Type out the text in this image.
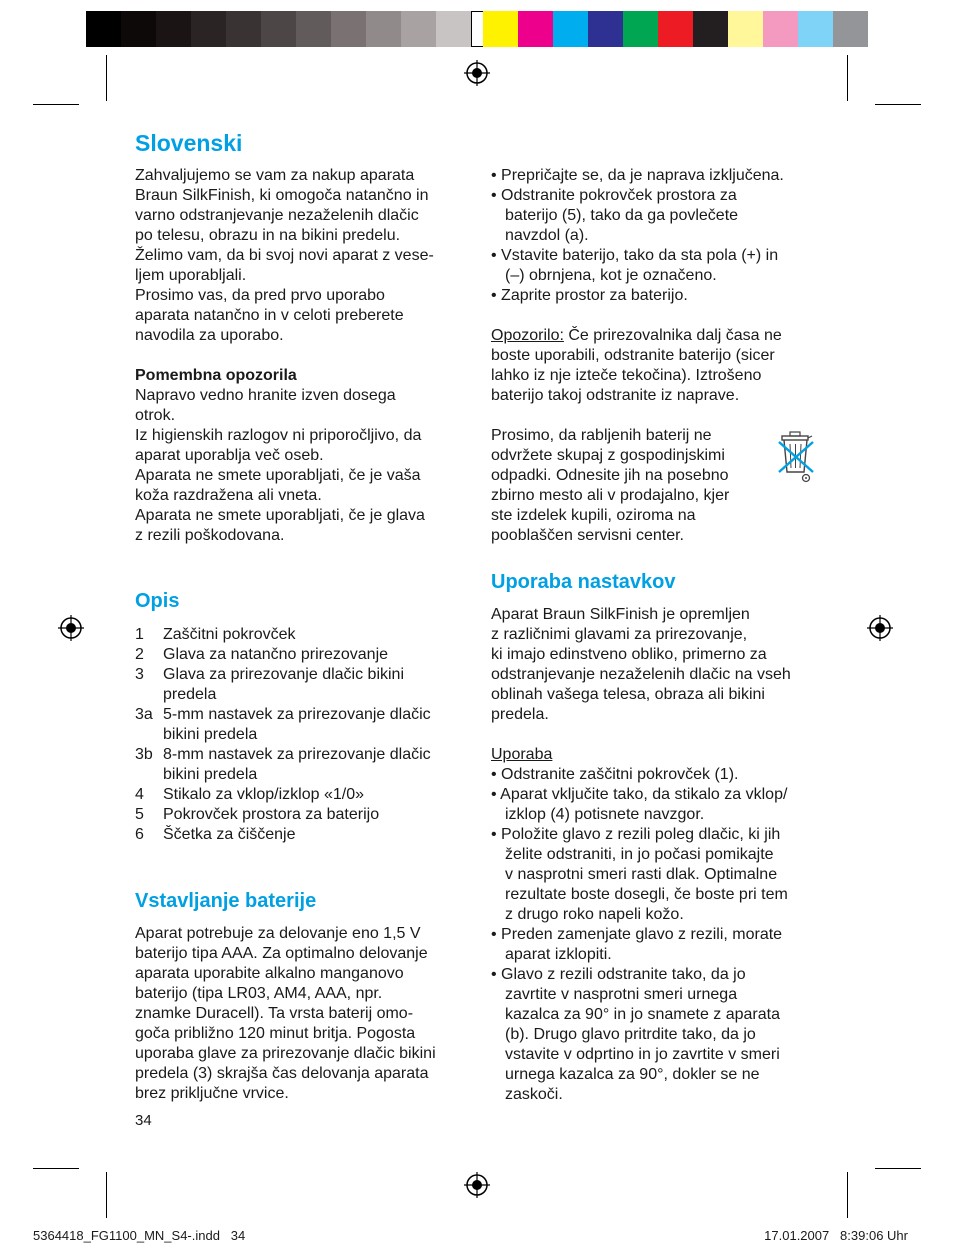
Slovenski

Zahvaljujemo se vam za nakup aparata

Braun SilkFinish, ki omogoča natančno in

varno odstranjevanje nezaželenih dlačic

po telesu, obrazu in na bikini predelu.

Želimo vam, da bi svoj novi aparat z vese-

ljem uporabljali.

Prosimo vas, da pred prvo uporabo

aparata natančno in v celoti preberete

navodila za uporabo.

Pomembna opozorila

Napravo vedno hranite izven dosega

otrok.

Iz higienskih razlogov ni priporočljivo, da

aparat uporablja več oseb.

Aparata ne smete uporabljati, če je vaša

koža razdražena ali vneta.

Aparata ne smete uporabljati, če je glava

z rezili poškodovana.

Opis
1	Zaščitni pokrovček
2	Glava za natančno prirezovanje
3	Glava za prirezovanje dlačic bikini
predela
3a 5-mm nastavek za prirezovanje dlačic
bikini predela
3b 8-mm nastavek za prirezovanje dlačic
bikini predela
4	Stikalo za vklop/izklop «1/0»
5	Pokrovček prostora za baterijo
6	Ščetka za čiščenje
Vstavljanje baterije

Aparat potrebuje za delovanje eno 1,5 V

baterijo tipa AAA. Za optimalno delovanje

aparata uporabite alkalno manganovo

baterijo (tipa LR03, AM4, AAA, npr.

znamke Duracell). Ta vrsta baterij omo-

goča približno 120 minut britja. Pogosta

uporaba glave za prirezovanje dlačic bikini

predela (3) skrajša čas delovanja aparata

brez priključne vrvice.

34

• Prepričajte se, da je naprava izključena.

• Odstranite pokrovček prostora za

baterijo (5), tako da ga povlečete

navzdol (a).

• Vstavite baterijo, tako da sta pola (+) in

(–) obrnjena, kot je označeno.

• Zaprite prostor za baterijo.

Opozorilo: Če prirezovalnika dalj časa ne

boste uporabili, odstranite baterijo (sicer

lahko iz nje izteče tekočina). Iztrošeno

baterijo takoj odstranite iz naprave.

Prosimo, da rabljenih baterij ne

odvržete skupaj z gospodinjskimi

odpadki. Odnesite jih na posebno

zbirno mesto ali v prodajalno, kjer

ste izdelek kupili, oziroma na

pooblaščen servisni center.

Uporaba nastavkov

Aparat Braun SilkFinish je opremljen

z različnimi glavami za prirezovanje,

ki imajo edinstveno obliko, primerno za

odstranjevanje nezaželenih dlačic na vseh

oblinah vašega telesa, obraza ali bikini

predela.

Uporaba

• Odstranite zaščitni pokrovček (1).

• Aparat vključite tako, da stikalo za vklop/

izklop (4) potisnete navzgor.

• Položite glavo z rezili poleg dlačic, ki jih

želite odstraniti, in jo počasi pomikajte

v nasprotni smeri rasti dlak. Optimalne

rezultate boste dosegli, če boste pri tem

z drugo roko napeli kožo.

• Preden zamenjate glavo z rezili, morate

aparat izklopiti.

• Glavo z rezili odstranite tako, da jo

zavrtite v nasprotni smeri urnega

kazalca za 90° in jo snamete z aparata

(b). Drugo glavo pritrdite tako, da jo

vstavite v odprtino in jo zavrtite v smeri

urnega kazalca za 90°, dokler se ne

zaskoči.

5364418_FG1100_MN_S4-.indd   34	17.01.2007   8:39:06 Uhr
